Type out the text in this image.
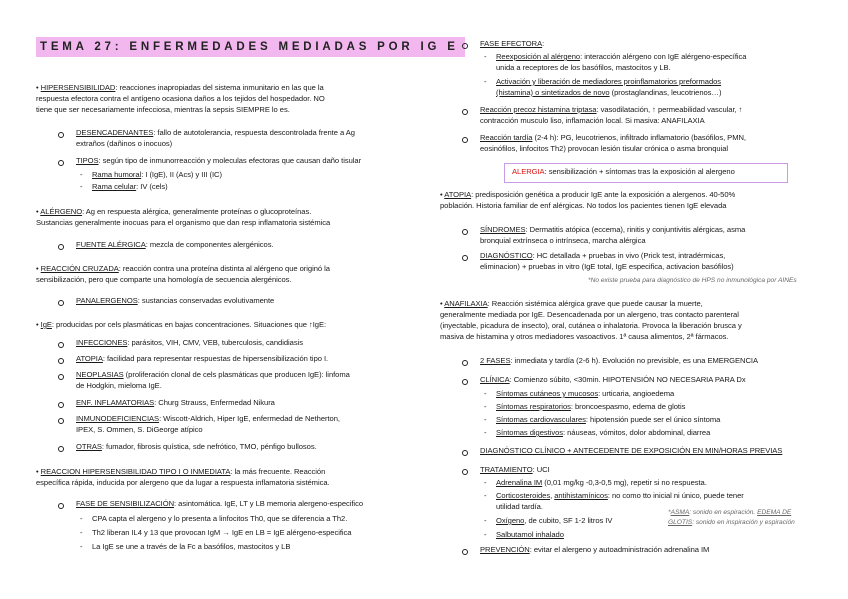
TEMA 27: ENFERMEDADES MEDIADAS POR IG E
• HIPERSENSIBILIDAD: reacciones inapropiadas del sistema inmunitario en las que la
respuesta efectora contra el antígeno ocasiona daños a los tejidos del hospedador. NO
tiene que ser necesariamente infecciosa, mientras la sepsis SIEMPRE lo es.
DESENCADENANTES: fallo de autotolerancia, respuesta descontrolada frente a Ag
extraños (dañinos o inocuos)
TIPOS: según tipo de inmunorreacción y moleculas efectoras que causan daño tisular
- Rama humoral: I (IgE), II (Acs) y III (IC)
- Rama celular: IV (cels)
• ALÉRGENO: Ag en respuesta alérgica, generalmente proteínas o glucoproteínas.
Sustancias generalmente inocuas para el organismo que dan resp inflamatoria sistémica
FUENTE ALÉRGICA: mezcla de componentes alergénicos.
• REACCIÓN CRUZADA: reacción contra una proteína distinta al alérgeno que originó la
sensibilización, pero que comparte una homología de secuencia alergénicos.
PANALERGENOS: sustancias conservadas evolutivamente
• IgE: producidas por cels plasmáticas en bajas concentraciones. Situaciones que ↑IgE:
INFECCIONES: parásitos, VIH, CMV, VEB, tuberculosis, candidiasis
ATOPIA: facilidad para representar respuestas de hipersensibilización tipo I.
NEOPLASIAS (proliferación clonal de cels plasmáticas que producen IgE): linfoma
de Hodgkin, mieloma IgE.
ENF. INFLAMATORIAS: Churg Strauss, Enfermedad Nikura
INMUNODEFICIENCIAS: Wiscott-Aldrich, Hiper IgE, enfermedad de Netherton,
IPEX, S. Ommen, S. DiGeorge atípico
OTRAS: fumador, fibrosis quística, sde nefrótico, TMO, pénfigo bullosos.
• REACCION HIPERSENSIBILIDAD TIPO I O INMEDIATA: la más frecuente. Reacción
específica rápida, inducida por alergeno que da lugar a respuesta inflamatoria sistémica.
FASE DE SENSIBILIZACIÓN: asintomática. IgE, LT y LB memoria alergeno-especifico
- CPA capta el alergeno y lo presenta a linfocitos Th0, que se diferencia a Th2.
- Th2 liberan IL4 y 13 que provocan IgM → IgE en LB = IgE alérgeno-especifica
- La IgE se une a través de la Fc a basófilos, mastocitos y LB
FASE EFECTORA:
- Reexposición al alérgeno: interacción alérgeno con IgE alérgeno-específica
unida a receptores de los basófilos, mastocitos y LB.
- Activación y liberación de mediadores proinflamatorios preformados
(histamina) o sintetizados de novo (prostaglandinas, leucotrienos…)
Reacción precoz histamina triptasa: vasodilatación, ↑ permeabilidad vascular, ↑
contracción musculo liso, inflamación local. Si masiva: ANAFILAXIA
Reacción tardía (2-4 h): PG, leucotrienos, infiltrado inflamatorio (basófilos, PMN,
eosinófilos, linfocitos Th2) provocan lesión tisular crónica o asma bronquial
ALERGIA: sensibilización + síntomas tras la exposición al alergeno
• ATOPIA: predisposición genética a producir IgE ante la exposición a alergenos. 40-50%
población. Historia familiar de enf alérgicas. No todos los pacientes tienen IgE elevada
SÍNDROMES: Dermatitis atópica (eccema), rinitis y conjuntivitis alérgicas, asma
bronquial extrínseca o intrínseca, marcha alérgica
DIAGNÓSTICO: HC detallada + pruebas in vivo (Prick test, intradérmicas,
eliminacion) + pruebas in vitro (IgE total, IgE especifica, activacion basófilos)
*No existe prueba para diagnóstico de HPS no inmunológica por AINEs
• ANAFILAXIA: Reacción sistémica alérgica grave que puede causar la muerte,
generalmente mediada por IgE. Desencadenada por un alergeno, tras contacto parenteral
(inyectable, picadura de insecto), oral, cutánea o inhalatoria. Provoca la liberación brusca y
masiva de histamina y otros mediadores vasoactivos. 1ª causa alimentos, 2ª fármacos.
2 FASES: inmediata y tardía (2-6 h). Evolución no previsible, es una EMERGENCIA
CLÍNICA: Comienzo súbito, <30min. HIPOTENSIÓN NO NECESARIA PARA Dx
- Síntomas cutáneos y mucosos: urticaria, angioedema
- Síntomas respiratorios: broncoespasmo, edema de glotis
- Síntomas cardiovasculares: hipotensión puede ser el único síntoma
- Síntomas digestivos: náuseas, vómitos, dolor abdominal, diarrea
DIAGNÓSTICO CLÍNICO + ANTECEDENTE DE EXPOSICIÓN EN MIN/HORAS PREVIAS
TRATAMIENTO: UCI
- Adrenalina IM (0,01 mg/kg -0,3-0,5 mg), repetir si no respuesta.
- Corticosteroides, antihistamínicos: no como tto inicial ni único, puede tener
utilidad tardía.
- Oxígeno, de cubito, SF 1-2 litros IV
- Salbutamol inhalado
*ASMA: sonido en espiración. EDEMA DE
GLOTIS: sonido en inspiración y espiración
PREVENCIÓN: evitar el alergeno y autoadministración adrenalina IM
